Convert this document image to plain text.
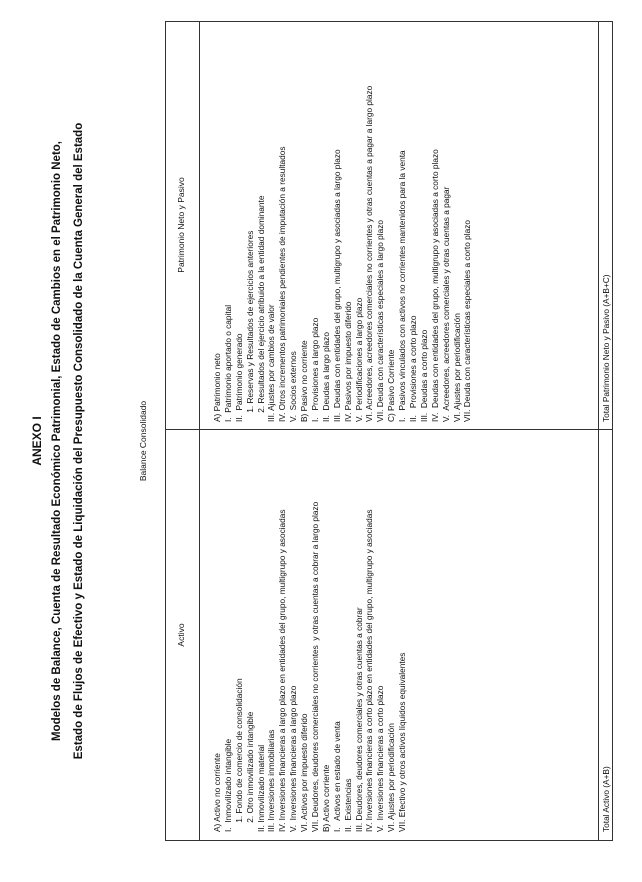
ANEXO I Modelos de Balance, Cuenta de Resultado Económico Patrimonial, Estado de Cambios en el Patrimonio Neto, Estado de Flujos de Efectivo y Estado de Liquidación del Presupuesto Consolidado de la Cuenta General del Estado	Balance Consolidado
Activo
Patrimonio Neto y Pasivo
A) Activo no corriente I.  Inmovilizado intangible 1. Fondo de comercio de consolidación 2. Otro inmovilizado intangible II. Inmovilizado material III. Inversiones inmobiliarias IV. Inversiones financieras a largo plazo en entidades del grupo, multigrupo y asociadas V.  Inversiones financieras a largo plazo VI. Activos por impuesto diferido VII. Deudores, deudores comerciales no corrientes  y otras cuentas a cobrar a largo plazo B) Activo corriente I.   Activos en estado de venta II.  Existencias III. Deudores, deudores comerciales y otras cuentas a cobrar IV. Inversiones financieras a corto plazo en entidades del grupo, multigrupo y asociadas V.  Inversiones financieras a corto plazo VI. Ajustes por periodificación VII. Efectivo y otros activos líquidos equivalentes
A) Patrimonio neto I.  Patrimonio aportado o capital II.  Patrimonio generado 1. Reservas y Resultados de ejercicios anteriores 2. Resultados del ejercicio atribuido a la entidad dominante III. Ajustes por cambios de valor IV. Otros incrementos patrimoniales pendientes de imputación a resultados V.  Socios externos B) Pasivo no corriente I.   Provisiones a largo plazo II.  Deudas a largo plazo III.  Deudas con entidades del grupo, multigrupo y asociadas a largo plazo IV. Pasivos por impuesto diferido V.  Periodificaciones a largo plazo VI. Acreedores, acreedores comerciales no corrientes y otras cuentas a pagar a largo plazo VII. Deuda con características especiales a largo plazo C) Pasivo Corriente I.   Pasivos vinculados con activos no corrientes mantenidos para la venta II.   Provisiones a corto plazo III.  Deudas a corto plazo IV.  Deudas con entidades del grupo, multigrupo y asociadas a corto plazo V.  Acreedores, acreedores comerciales y otras cuentas a pagar VI. Ajustes por periodificación VII. Deuda con características especiales a corto plazo
Total Activo (A+B)
Total Patrimonio Neto y Pasivo (A+B+C)
